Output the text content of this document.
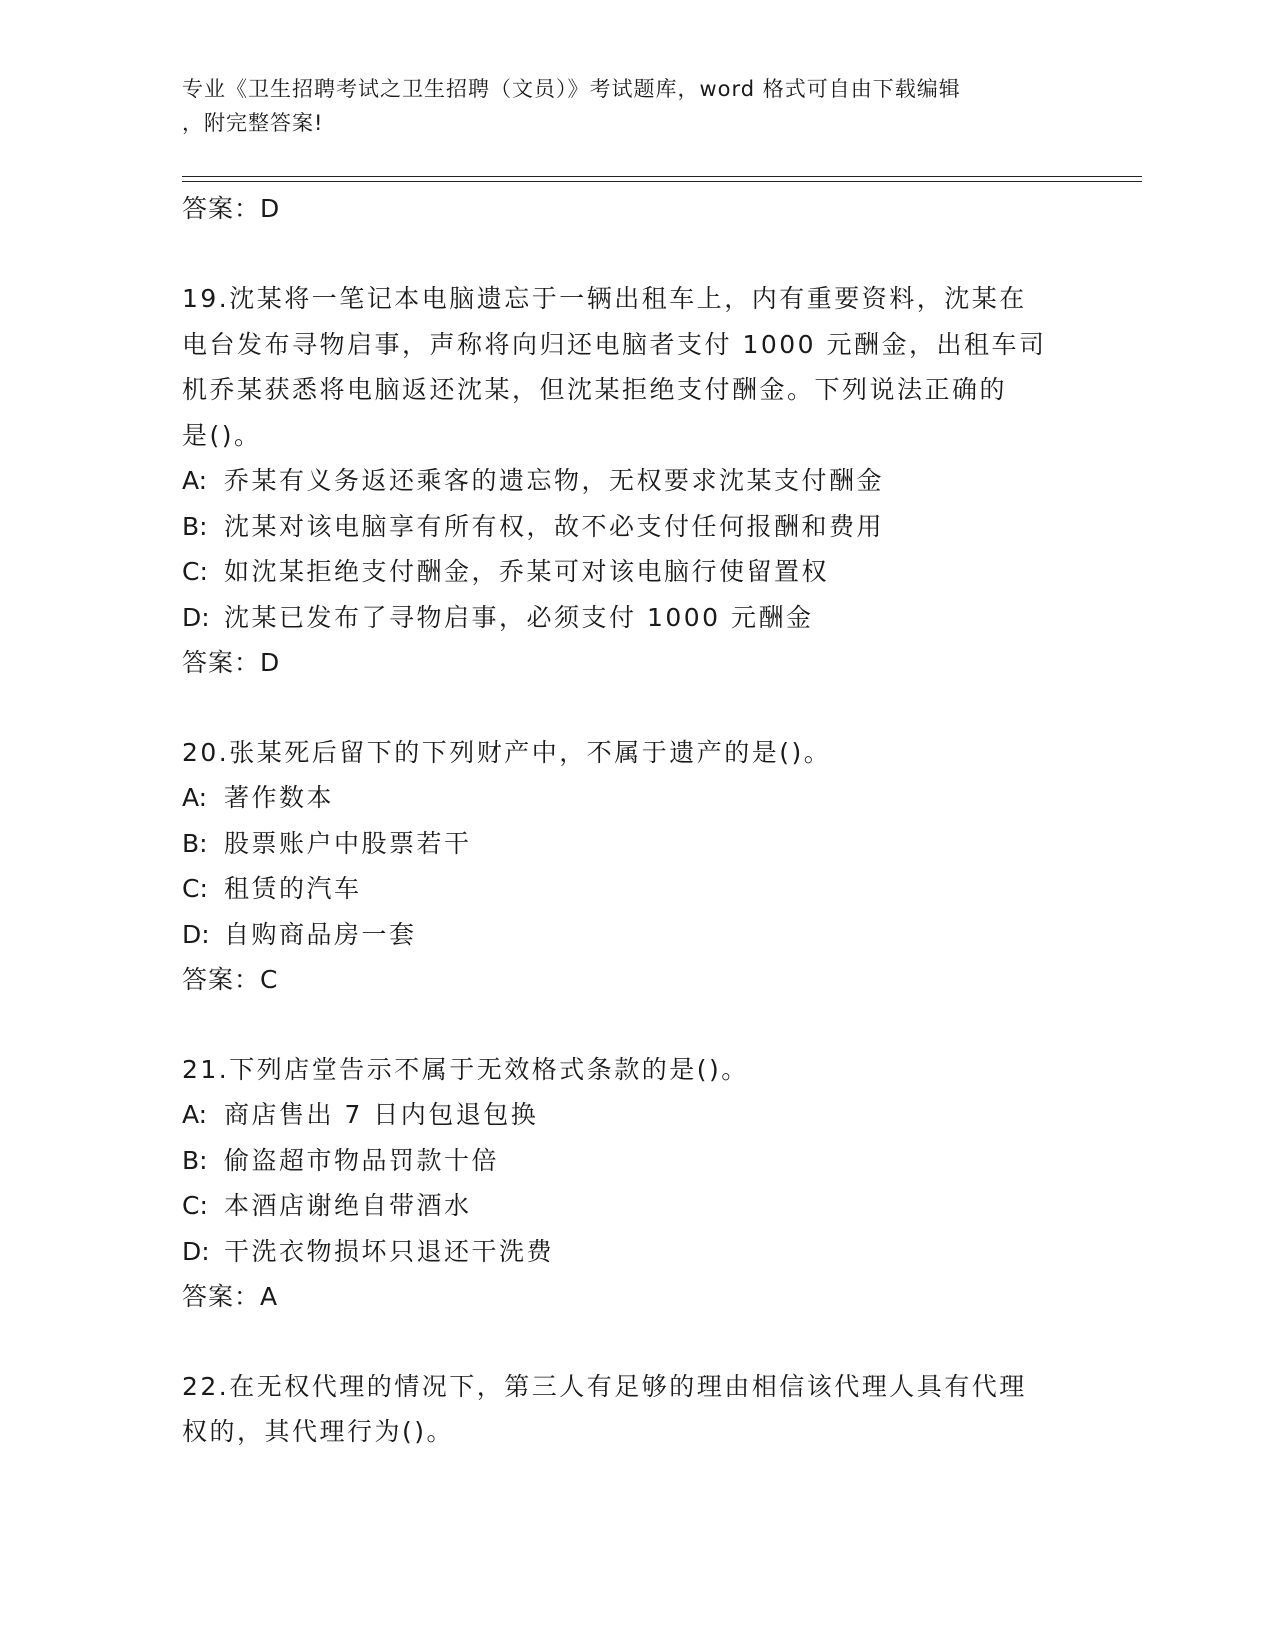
专业《卫生招聘考试之卫生招聘（文员）》考试题库，word 格式可自由下载编辑
，附完整答案!
答案：D
19.沈某将一笔记本电脑遗忘于一辆出租车上，内有重要资料，沈某在
电台发布寻物启事，声称将向归还电脑者支付 1000 元酬金，出租车司
机乔某获悉将电脑返还沈某，但沈某拒绝支付酬金。下列说法正确的
是()。
A: 乔某有义务返还乘客的遗忘物，无权要求沈某支付酬金
B: 沈某对该电脑享有所有权，故不必支付任何报酬和费用
C: 如沈某拒绝支付酬金，乔某可对该电脑行使留置权
D: 沈某已发布了寻物启事，必须支付 1000 元酬金
答案：D
20.张某死后留下的下列财产中，不属于遗产的是()。
A: 著作数本
B: 股票账户中股票若干
C: 租赁的汽车
D: 自购商品房一套
答案：C
21.下列店堂告示不属于无效格式条款的是()。
A: 商店售出 7 日内包退包换
B: 偷盗超市物品罚款十倍
C: 本酒店谢绝自带酒水
D: 干洗衣物损坏只退还干洗费
答案：A
22.在无权代理的情况下，第三人有足够的理由相信该代理人具有代理
权的，其代理行为()。
